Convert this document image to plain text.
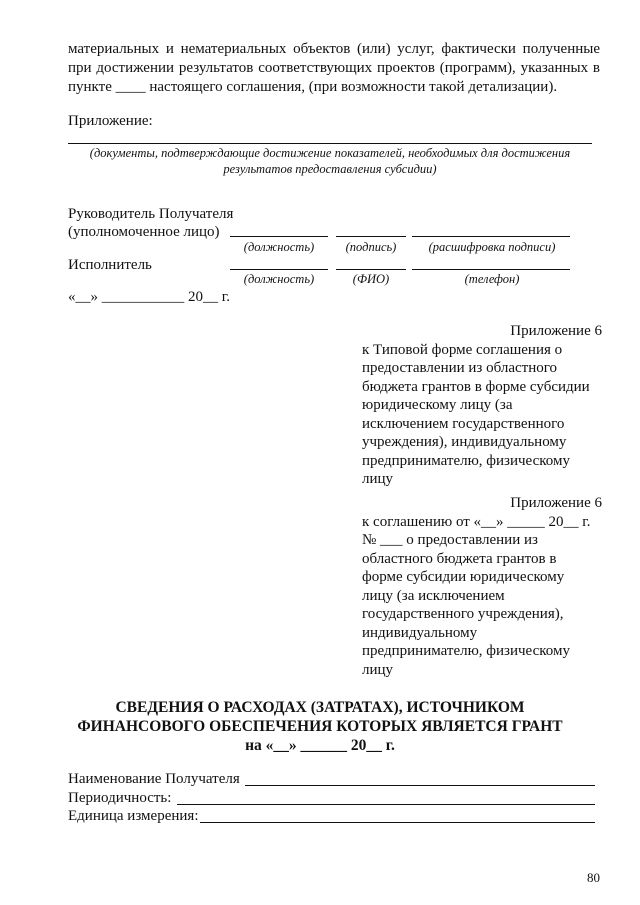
материальных и нематериальных объектов (или) услуг, фактически полученные
при достижении результатов соответствующих проектов (программ), указанных в
пункте ____ настоящего соглашения, (при возможности такой детализации).
Приложение:
(документы, подтверждающие достижение показателей, необходимых для достижения
результатов предоставления субсидии)
Руководитель Получателя
(уполномоченное лицо)
(должность)	(подпись)	(расшифровка подписи)
Исполнитель
(должность)	(ФИО)	(телефон)
«__» ___________ 20__ г.
Приложение 6
к Типовой форме соглашения о
предоставлении из областного
бюджета грантов в форме субсидии
юридическому лицу (за
исключением государственного
учреждения), индивидуальному
предпринимателю, физическому
лицу
Приложение 6
к соглашению от «__» _____ 20__ г.
№ ___ о предоставлении из
областного бюджета грантов в
форме субсидии юридическому
лицу (за исключением
государственного учреждения),
индивидуальному
предпринимателю, физическому
лицу
СВЕДЕНИЯ О РАСХОДАХ (ЗАТРАТАХ), ИСТОЧНИКОМ
ФИНАНСОВОГО ОБЕСПЕЧЕНИЯ КОТОРЫХ ЯВЛЯЕТСЯ ГРАНТ
на «__» ______ 20__ г.
Наименование Получателя
Периодичность:
Единица измерения:
80
